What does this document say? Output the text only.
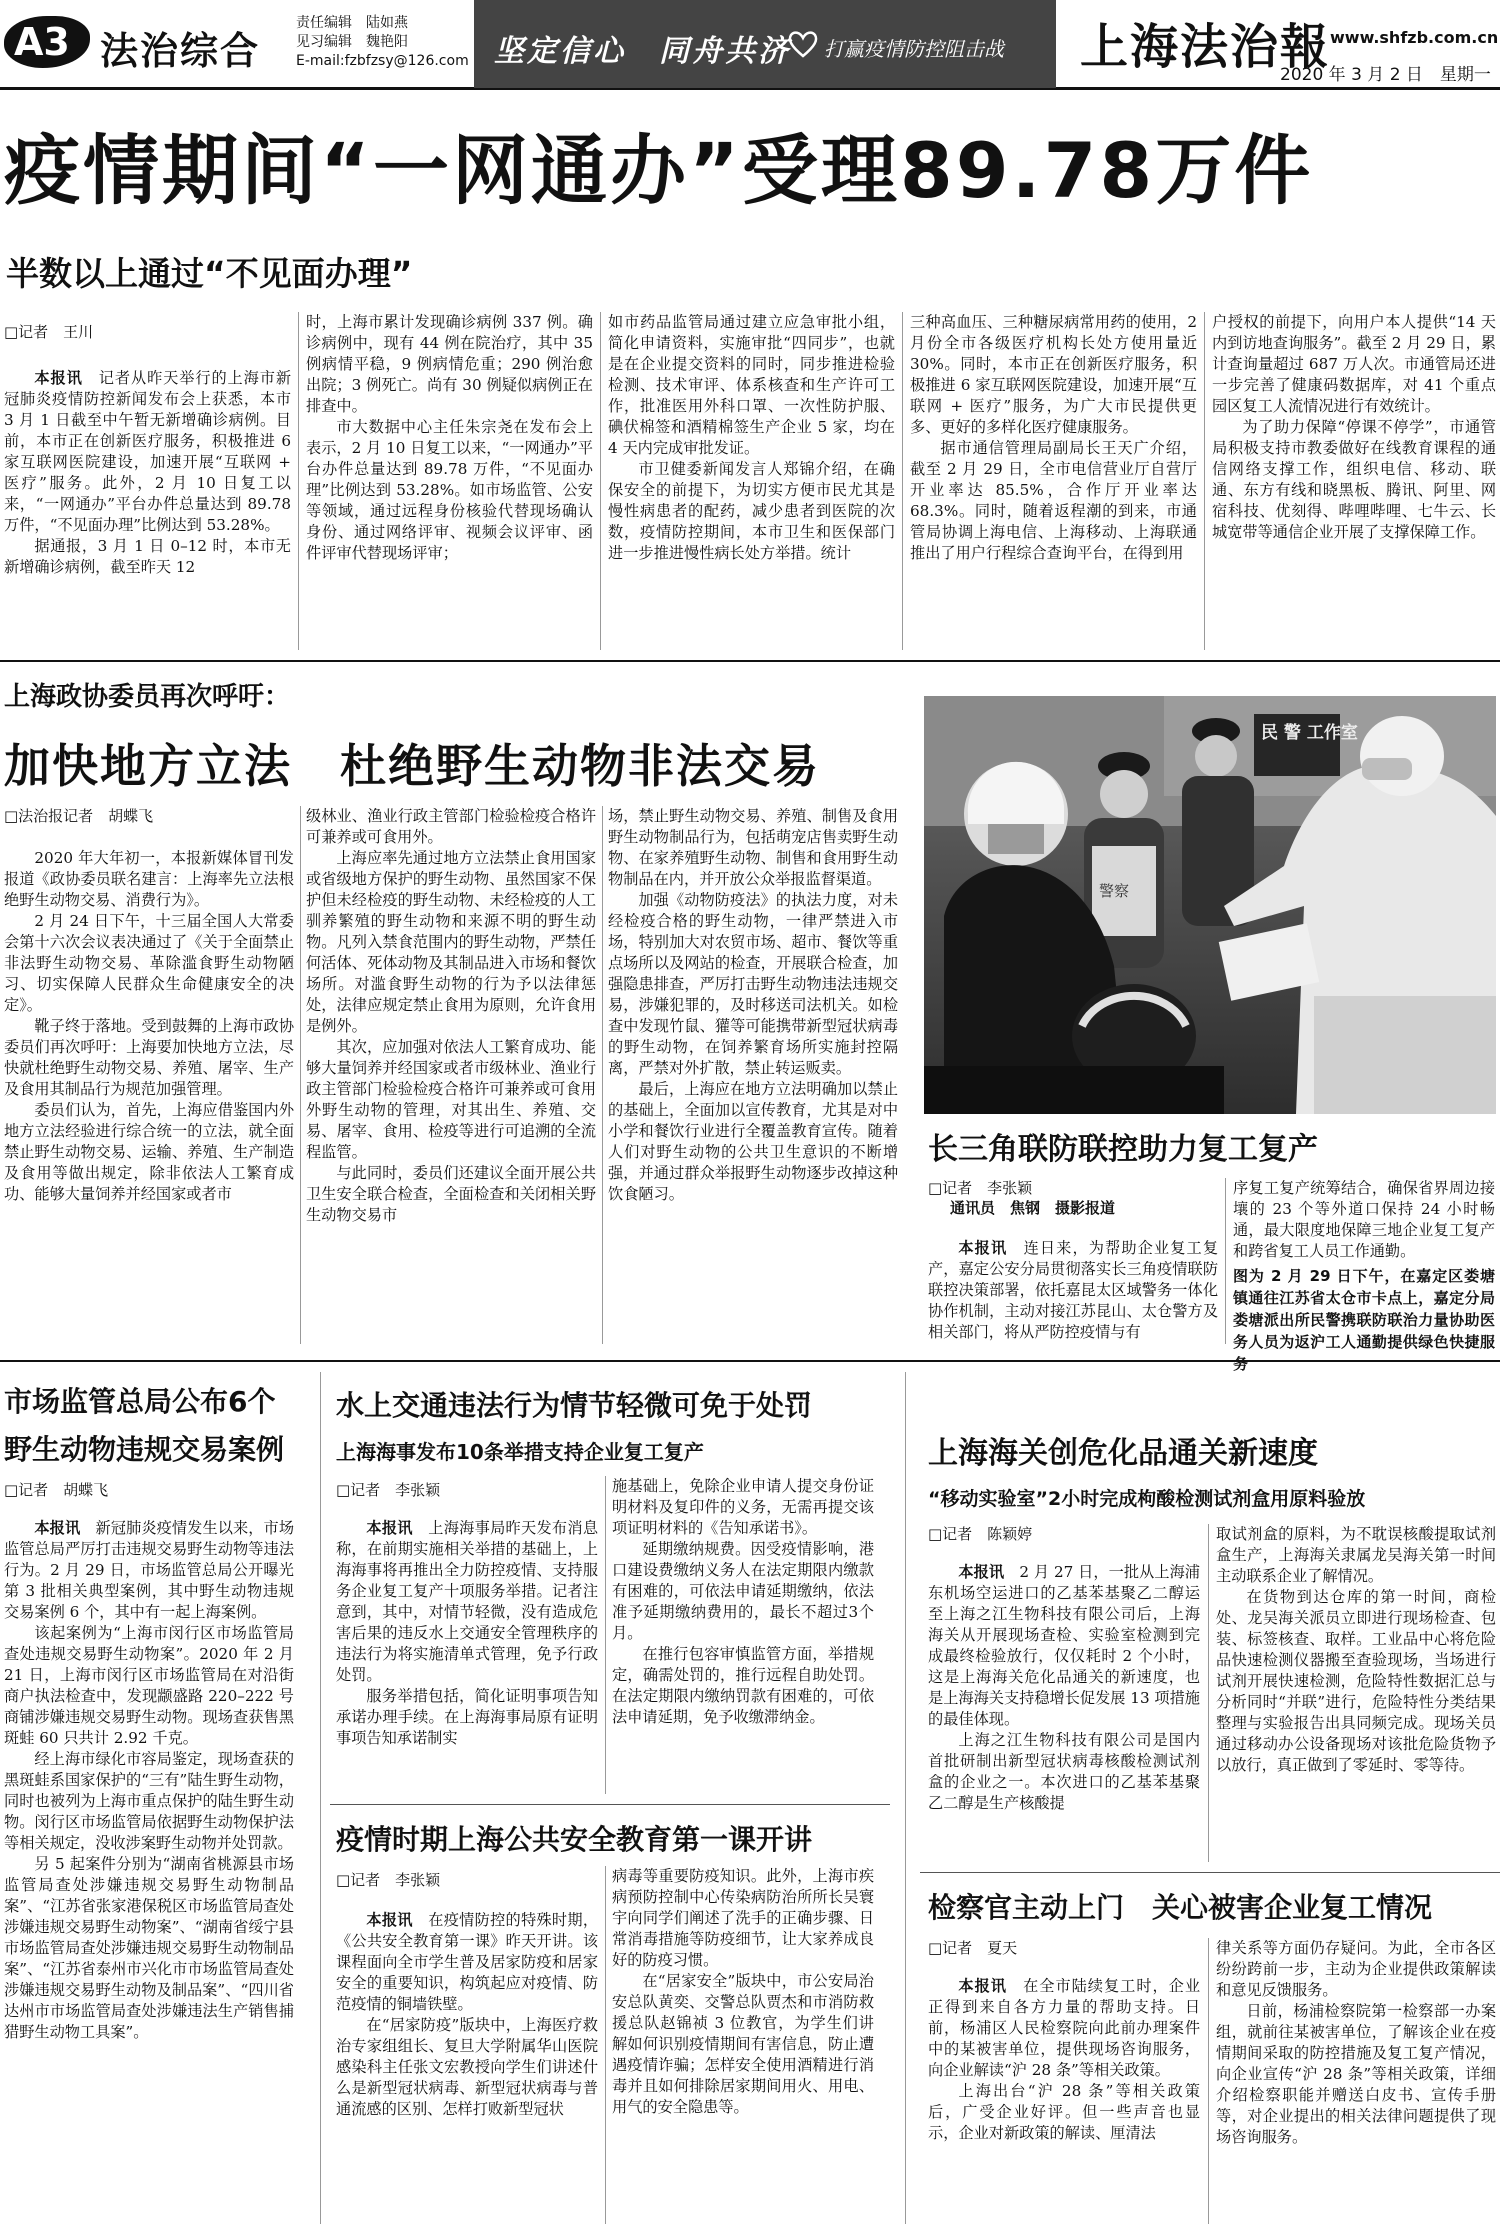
A3 法治综合
责任编辑　陆如燕
见习编辑　魏艳阳
E-mail:fzbfzsy@126.com 坚定信心　同舟共济 打赢疫情防控阻击战 上海法治報 www.shfzb.com.cn
2020 年 3 月 2 日　星期一
疫情期间“一网通办”受理89.78万件
半数以上通过“不见面办理”
□记者　王川

本报讯　 记者从昨天举行的上海市新冠肺炎疫情防控新闻发布会上获悉，本市 3 月 1 日截至中午暂无新增确诊病例。目前，本市正在创新医疗服务，积极推进 6 家互联网医院建设，加速开展“互联网 + 医疗”服务。此外，2 月 10 日复工以来，“一网通办”平台办件总量达到 89.78 万件，“不见面办理”比例达到 53.28%。

据通报，3 月 1 日 0–12 时，本市无新增确诊病例，截至昨天 12

时，上海市累计发现确诊病例 337 例。确诊病例中，现有 44 例在院治疗，其中 35 例病情平稳，9 例病情危重；290 例治愈出院；3 例死亡。尚有 30 例疑似病例正在排查中。

市大数据中心主任朱宗尧在发布会上表示，2 月 10 日复工以来，“一网通办”平台办件总量达到 89.78 万件，“不见面办理”比例达到 53.28%。如市场监管、公安等领域，通过远程身份核验代替现场确认身份、通过网络评审、视频会议评审、函件评审代替现场评审；

如市药品监管局通过建立应急审批小组，简化申请资料，实施审批“四同步”，也就是在企业提交资料的同时，同步推进检验检测、技术审评、体系核查和生产许可工作，批准医用外科口罩、一次性防护服、碘伏棉签和酒精棉签生产企业 5 家，均在 4 天内完成审批发证。

市卫健委新闻发言人郑锦介绍，在确保安全的前提下，为切实方便市民尤其是慢性病患者的配药，减少患者到医院的次数，疫情防控期间，本市卫生和医保部门进一步推进慢性病长处方举措。统计

三种高血压、三种糖尿病常用药的使用，2 月份全市各级医疗机构长处方使用量近 30%。同时，本市正在创新医疗服务，积极推进 6 家互联网医院建设，加速开展“互联网 + 医疗”服务，为广大市民提供更多、更好的多样化医疗健康服务。

据市通信管理局副局长王天广介绍，截至 2 月 29 日，全市电信营业厅自营厅开业率达 85.5%，合作厅开业率达 68.3%。同时，随着返程潮的到来，市通管局协调上海电信、上海移动、上海联通推出了用户行程综合查询平台，在得到用

户授权的前提下，向用户本人提供“14 天内到访地查询服务”。截至 2 月 29 日，累计查询量超过 687 万人次。市通管局还进一步完善了健康码数据库，对 41 个重点园区复工人流情况进行有效统计。

为了助力保障“停课不停学”，市通管局积极支持市教委做好在线教育课程的通信网络支撑工作，组织电信、移动、联通、东方有线和晓黑板、腾讯、阿里、网宿科技、优刻得、哔哩哔哩、七牛云、长城宽带等通信企业开展了支撑保障工作。

上海政协委员再次呼吁：
加快地方立法　杜绝野生动物非法交易
□法治报记者　胡蝶飞

2020 年大年初一，本报新媒体冒刊发报道《政协委员联名建言：上海率先立法根绝野生动物交易、消费行为》。

2 月 24 日下午，十三届全国人大常委会第十六次会议表决通过了《关于全面禁止非法野生动物交易、革除滥食野生动物陋习、切实保障人民群众生命健康安全的决定》。

靴子终于落地。受到鼓舞的上海市政协委员们再次呼吁：上海要加快地方立法，尽快就杜绝野生动物交易、养殖、屠宰、生产及食用其制品行为规范加强管理。

委员们认为，首先，上海应借鉴国内外地方立法经验进行综合统一的立法，就全面禁止野生动物交易、运输、养殖、生产制造及食用等做出规定，除非依法人工繁育成功、能够大量饲养并经国家或者市

级林业、渔业行政主管部门检验检疫合格许可兼养或可食用外。

上海应率先通过地方立法禁止食用国家或省级地方保护的野生动物、虽然国家不保护但未经检疫的野生动物、未经检疫的人工驯养繁殖的野生动物和来源不明的野生动物。凡列入禁食范围内的野生动物，严禁任何活体、死体动物及其制品进入市场和餐饮场所。对滥食野生动物的行为予以法律惩处，法律应规定禁止食用为原则，允许食用是例外。

其次，应加强对依法人工繁育成功、能够大量饲养并经国家或者市级林业、渔业行政主管部门检验检疫合格许可兼养或可食用外野生动物的管理，对其出生、养殖、交易、屠宰、食用、检疫等进行可追溯的全流程监管。

与此同时，委员们还建议全面开展公共卫生安全联合检查，全面检查和关闭相关野生动物交易市

场，禁止野生动物交易、养殖、制售及食用野生动物制品行为，包括萌宠店售卖野生动物、在家养殖野生动物、制售和食用野生动物制品在内，并开放公众举报监督渠道。

加强《动物防疫法》的执法力度，对未经检疫合格的野生动物，一律严禁进入市场，特别加大对农贸市场、超市、餐饮等重点场所以及网站的检查，开展联合检查，加强隐患排查，严厉打击野生动物违法违规交易，涉嫌犯罪的，及时移送司法机关。如检查中发现竹鼠、獾等可能携带新型冠状病毒的野生动物，在饲养繁育场所实施封控隔离，严禁对外扩散，禁止转运贩卖。

最后，上海应在地方立法明确加以禁止的基础上，全面加以宣传教育，尤其是对中小学和餐饮行业进行全覆盖教育宣传。随着人们对野生动物的公共卫生意识的不断增强，并通过群众举报野生动物逐步改掉这种饮食陋习。

民 警 工作室
警察
长三角联防联控助力复工复产
□记者　李张颖
通讯员　焦钢　摄影报道

本报讯　 连日来，为帮助企业复工复产，嘉定公安分局贯彻落实长三角疫情联防联控决策部署，依托嘉昆太区域警务一体化协作机制，主动对接江苏昆山、太仓警方及相关部门，将从严防控疫情与有

序复工复产统筹结合，确保省界周边接壤的 23 个等外道口保持 24 小时畅通，最大限度地保障三地企业复工复产和跨省复工人员工作通勤。

图为 2 月 29 日下午，在嘉定区娄塘镇通往江苏省太仓市卡点上，嘉定分局娄塘派出所民警携联防联治力量协助医务人员为返沪工人通勤提供绿色快捷服务
市场监管总局公布6个
野生动物违规交易案例
□记者　胡蝶飞

本报讯　 新冠肺炎疫情发生以来，市场监管总局严厉打击违规交易野生动物等违法行为。2 月 29 日，市场监管总局公开曝光第 3 批相关典型案例，其中野生动物违规交易案例 6 个，其中有一起上海案例。

该起案例为“上海市闵行区市场监管局查处违规交易野生动物案”。2020 年 2 月 21 日，上海市闵行区市场监管局在对沿街商户执法检查中，发现颛盛路 220–222 号商铺涉嫌违规交易野生动物。现场查获售黑斑蛙 60 只共计 2.92 千克。

经上海市绿化市容局鉴定，现场查获的黑斑蛙系国家保护的“三有”陆生野生动物，同时也被列为上海市重点保护的陆生野生动物。闵行区市场监管局依据野生动物保护法等相关规定，没收涉案野生动物并处罚款。

另 5 起案件分别为“湖南省桃源县市场监管局查处涉嫌违规交易野生动物制品案”、“江苏省张家港保税区市场监管局查处涉嫌违规交易野生动物案”、“湖南省绥宁县市场监管局查处涉嫌违规交易野生动物制品案”、“江苏省泰州市兴化市市场监管局查处涉嫌违规交易野生动物及制品案”、“四川省达州市市场监管局查处涉嫌违法生产销售捕猎野生动物工具案”。

水上交通违法行为情节轻微可免于处罚
上海海事发布10条举措支持企业复工复产
□记者　李张颖

本报讯　 上海海事局昨天发布消息称，在前期实施相关举措的基础上，上海海事将再推出全力防控疫情、支持服务企业复工复产十项服务举措。记者注意到，其中，对情节轻微，没有造成危害后果的违反水上交通安全管理秩序的违法行为将实施清单式管理，免予行政处罚。

服务举措包括，简化证明事项告知承诺办理手续。在上海海事局原有证明事项告知承诺制实

施基础上，免除企业申请人提交身份证明材料及复印件的义务，无需再提交该项证明材料的《告知承诺书》。

延期缴纳规费。因受疫情影响，港口建设费缴纳义务人在法定期限内缴款有困难的，可依法申请延期缴纳，依法准予延期缴纳费用的，最长不超过3个月。

在推行包容审慎监管方面，举措规定，确需处罚的，推行远程自助处罚。在法定期限内缴纳罚款有困难的，可依法申请延期，免予收缴滞纳金。

疫情时期上海公共安全教育第一课开讲
□记者　李张颖

本报讯　 在疫情防控的特殊时期，《公共安全教育第一课》昨天开讲。该课程面向全市学生普及居家防疫和居家安全的重要知识，构筑起应对疫情、防范疫情的铜墙铁壁。

在“居家防疫”版块中，上海医疗救治专家组组长、复旦大学附属华山医院感染科主任张文宏教授向学生们讲述什么是新型冠状病毒、新型冠状病毒与普通流感的区别、怎样打败新型冠状

病毒等重要防疫知识。此外，上海市疾病预防控制中心传染病防治所所长吴寰宇向同学们阐述了洗手的正确步骤、日常消毒措施等防疫细节，让大家养成良好的防疫习惯。

在“居家安全”版块中，市公安局治安总队黄奕、交警总队贾杰和市消防救援总队赵锦祯 3 位教官，为学生们讲解如何识别疫情期间有害信息，防止遭遇疫情诈骗；怎样安全使用酒精进行消毒并且如何排除居家期间用火、用电、用气的安全隐患等。

上海海关创危化品通关新速度
“移动实验室”2小时完成枸酸检测试剂盒用原料验放
□记者　陈颖婷

本报讯　 2 月 27 日，一批从上海浦东机场空运进口的乙基苯基聚乙二醇运至上海之江生物科技有限公司后，上海海关从开展现场查检、实验室检测到完成最终检验放行，仅仅耗时 2 个小时，这是上海海关危化品通关的新速度，也是上海海关支持稳增长促发展 13 项措施的最佳体现。

上海之江生物科技有限公司是国内首批研制出新型冠状病毒核酸检测试剂盒的企业之一。本次进口的乙基苯基聚乙二醇是生产核酸提

取试剂盒的原料，为不耽误核酸提取试剂盒生产，上海海关隶属龙吴海关第一时间主动联系企业了解情况。

在货物到达仓库的第一时间，商检处、龙吴海关派员立即进行现场检查、包装、标签核查、取样。工业品中心将危险品快速检测仪器搬至查验现场，当场进行试剂开展快速检测，危险特性数据汇总与分析同时“并联”进行，危险特性分类结果整理与实验报告出具同频完成。现场关员通过移动办公设备现场对该批危险货物予以放行，真正做到了零延时、零等待。

检察官主动上门　关心被害企业复工情况
□记者　夏天

本报讯　 在全市陆续复工时，企业正得到来自各方力量的帮助支持。日前，杨浦区人民检察院向此前办理案件中的某被害单位，提供现场咨询服务，向企业解读“沪 28 条”等相关政策。

上海出台“沪 28 条”等相关政策后，广受企业好评。但一些声音也显示，企业对新政策的解读、厘清法

律关系等方面仍存疑问。为此，全市各区纷纷跨前一步，主动为企业提供政策解读和意见反馈服务。

日前，杨浦检察院第一检察部一办案组，就前往某被害单位，了解该企业在疫情期间采取的防控措施及复工复产情况，向企业宣传“沪 28 条”等相关政策，详细介绍检察职能并赠送白皮书、宣传手册等，对企业提出的相关法律问题提供了现场咨询服务。
